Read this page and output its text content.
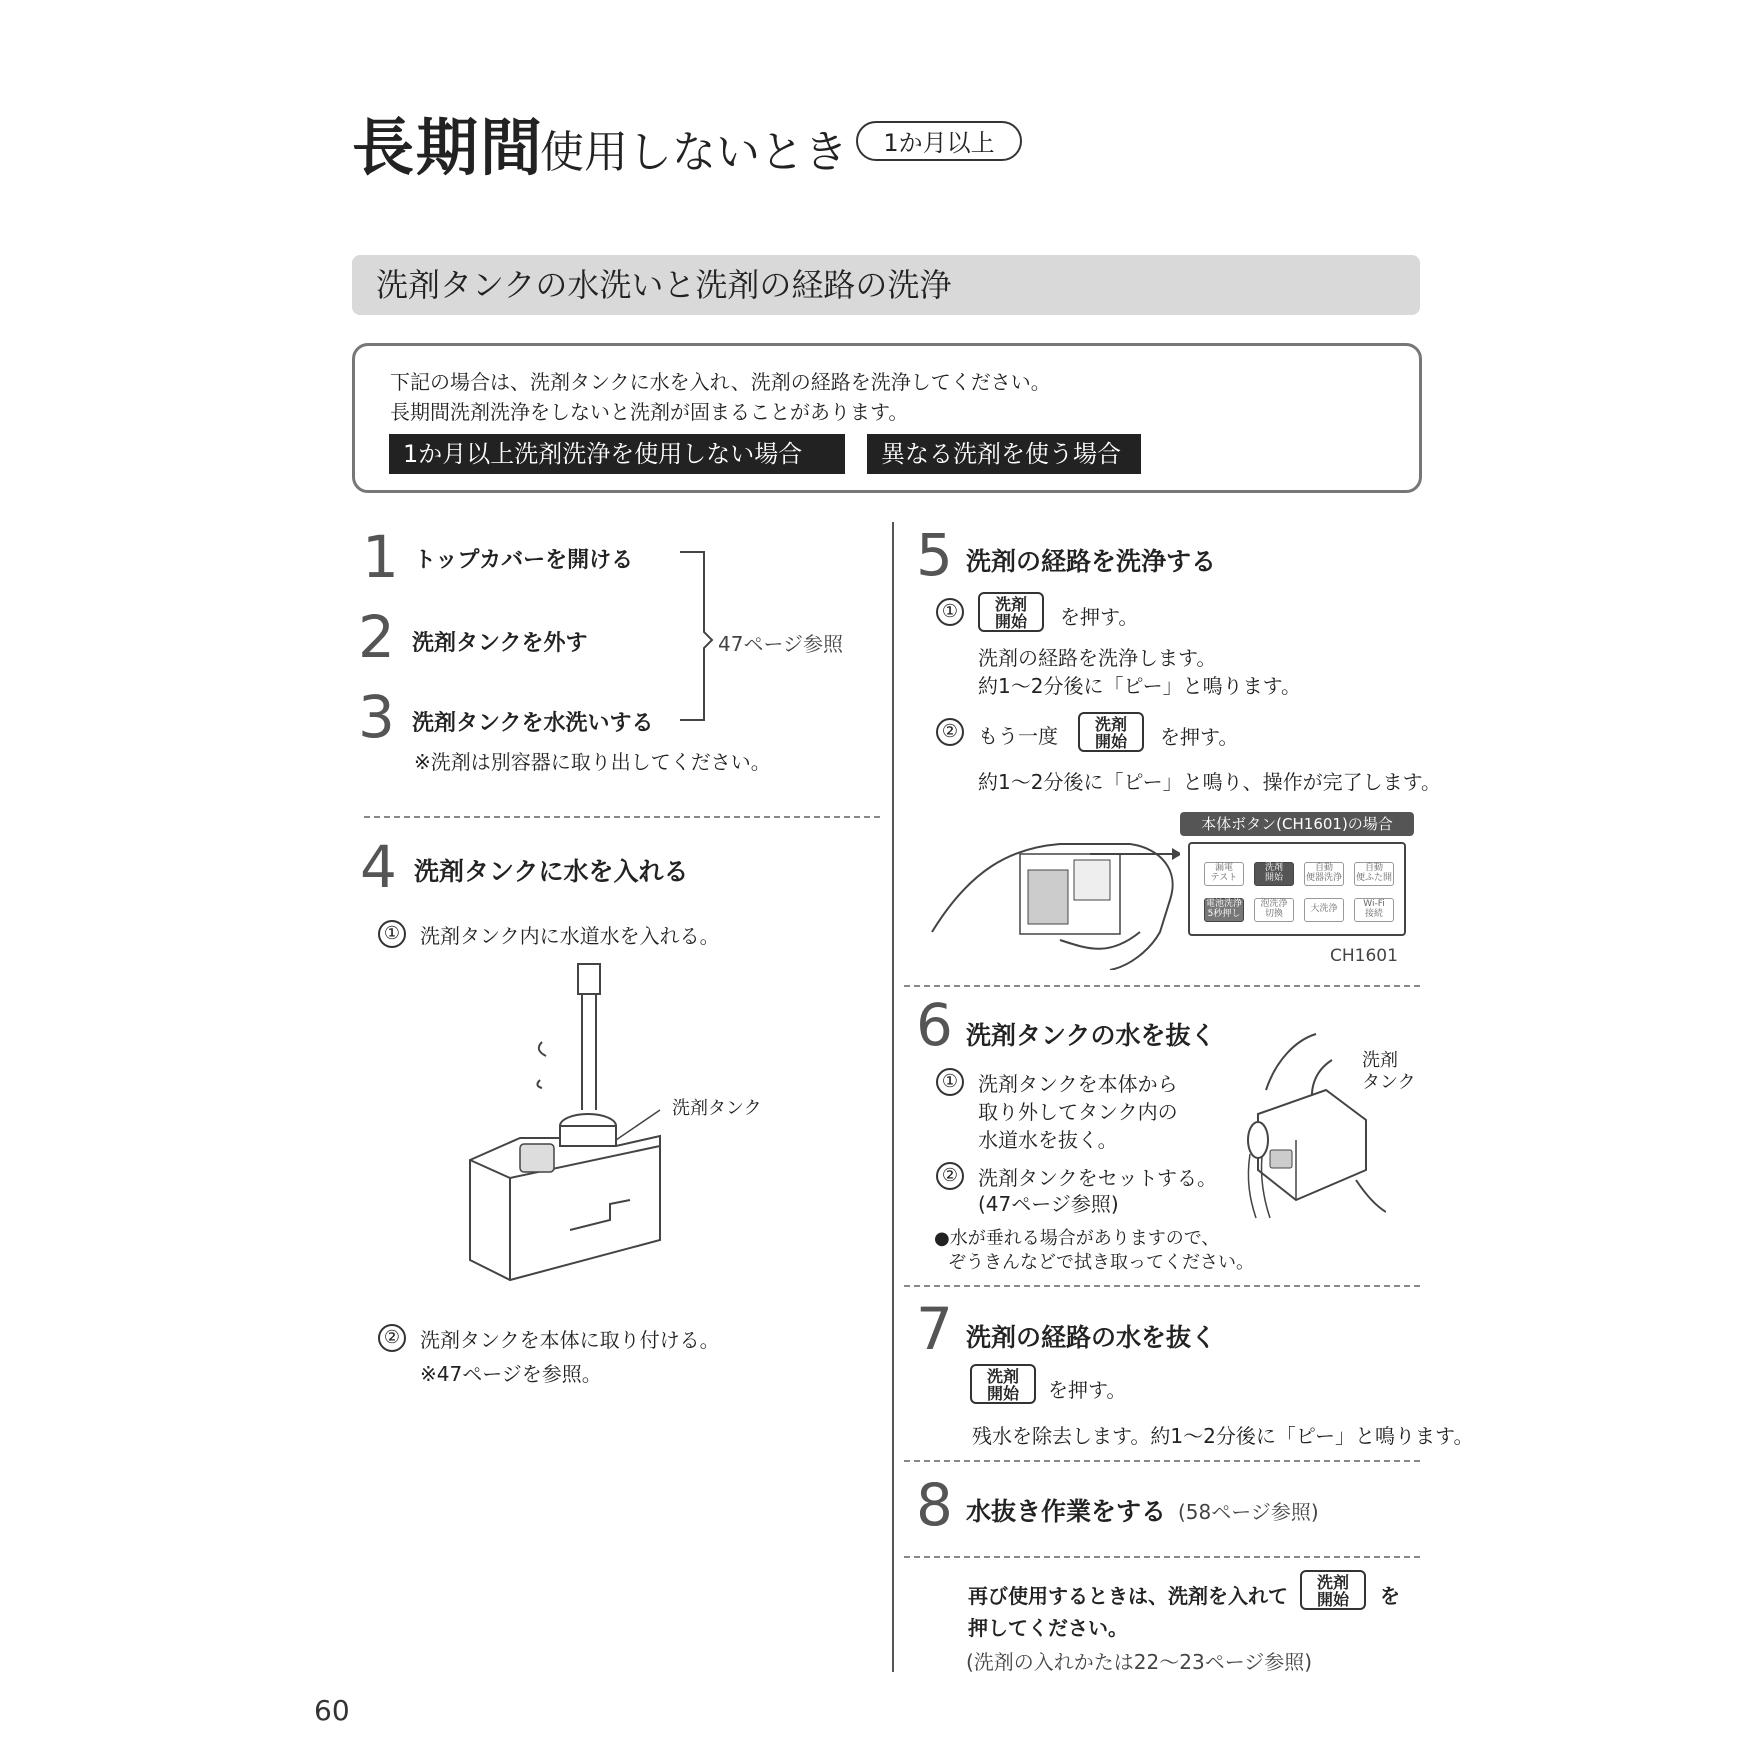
長期間
使用しないとき	1か月以上
洗剤タンクの水洗いと洗剤の経路の洗浄
下記の場合は、洗剤タンクに水を入れ、洗剤の経路を洗浄してください。
長期間洗剤洗浄をしないと洗剤が固まることがあります。
1か月以上洗剤洗浄を使用しない場合	異なる洗剤を使う場合
1 トップカバーを開ける
2 洗剤タンクを外す
3 洗剤タンクを水洗いする
※洗剤は別容器に取り出してください。
47ページ参照
4 洗剤タンクに水を入れる
① 洗剤タンク内に水道水を入れる。
洗剤タンク
② 洗剤タンクを本体に取り付ける。
※47ページを参照。
5 洗剤の経路を洗浄する
①	洗剤
開始	を押す。
洗剤の経路を洗浄します。
約1～2分後に「ピー」と鳴ります。
② もう一度	洗剤
開始	を押す。
約1～2分後に「ピー」と鳴り、操作が完了します。
本体ボタン(CH1601)の場合
漏電
テスト
洗剤
開始
自動
便器洗浄
自動
便ふた開
電池洗浄
5秒押し
泡洗浄
切換	大洗浄	Wi-Fi
接続
CH1601
6 洗剤タンクの水を抜く
① 洗剤タンクを本体から
取り外してタンク内の
水道水を抜く。
② 洗剤タンクをセットする。
(47ページ参照)
●水が垂れる場合がありますので、
ぞうきんなどで拭き取ってください。
洗剤
タンク
7 洗剤の経路の水を抜く
洗剤
開始	を押す。
残水を除去します。約1～2分後に「ピー」と鳴ります。
8 水抜き作業をする (58ページ参照)
再び使用するときは、洗剤を入れて
洗剤
開始	を
押してください。
(洗剤の入れかたは22～23ページ参照)
60
